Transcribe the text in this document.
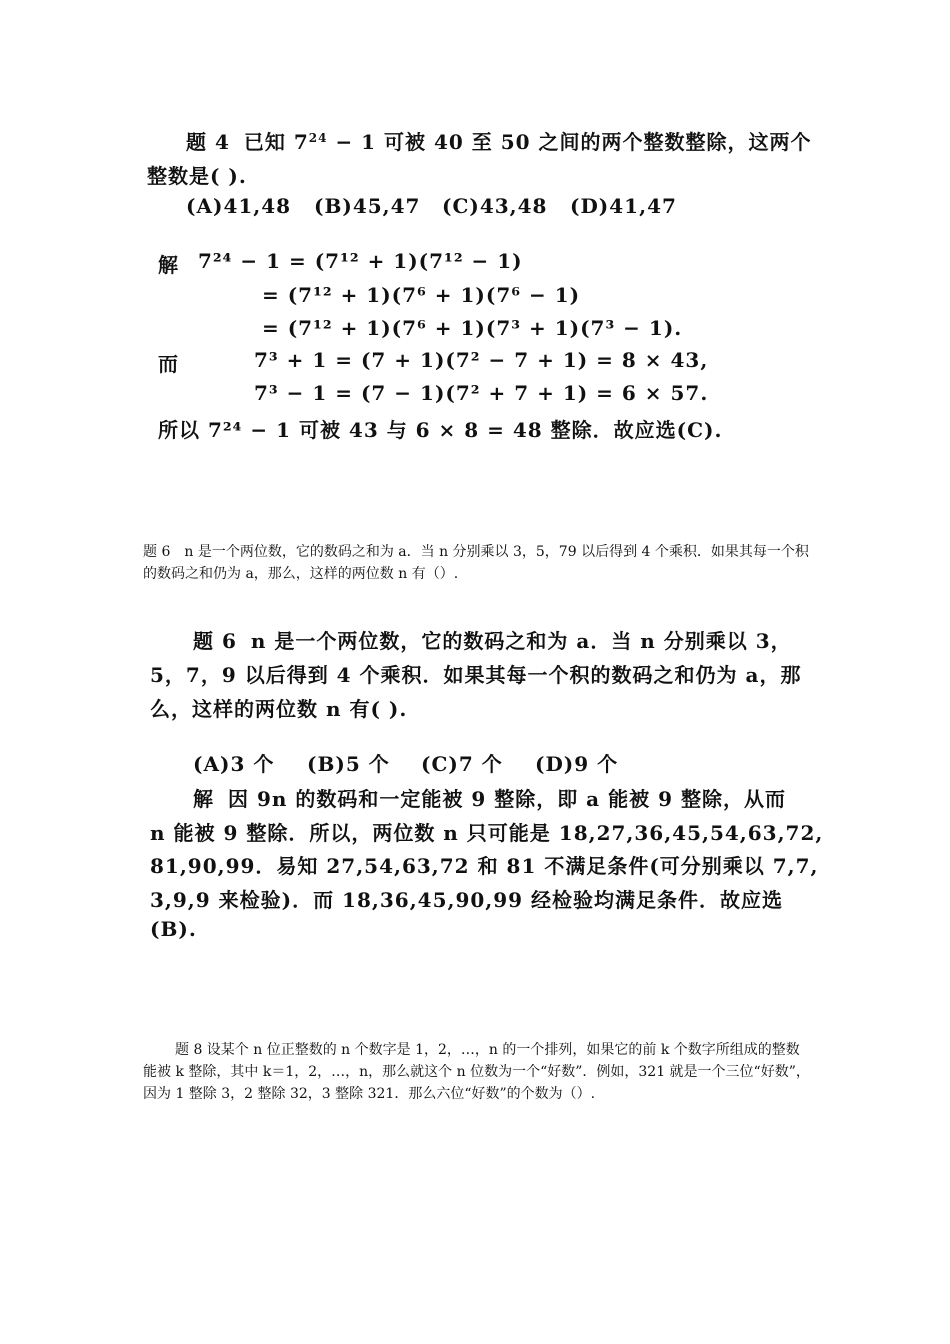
题 4 已知 $7^{24} - 1$ 可被 40 至 50 之间的两个整数整除，这两个
整数是( ).
(A)41,48 (B)45,47 (C)43,48 (D)41,47
解 7²⁴ − 1 = (7¹² + 1)(7¹² − 1)
= (7¹² + 1)(7⁶ + 1)(7⁶ − 1)
= (7¹² + 1)(7⁶ + 1)(7³ + 1)(7³ − 1).
而	7³ + 1 = (7 + 1)(7² − 7 + 1) = 8 × 43,
7³ − 1 = (7 − 1)(7² + 7 + 1) = 6 × 57.
所以 7²⁴ − 1 可被 43 与 6 × 8 = 48 整除．故应选(C).
题 6　n 是一个两位数，它的数码之和为 a．当 n 分别乘以 3，5，79 以后得到 4 个乘积．如果其每一个积的数码之和仍为 a，那么，这样的两位数 n 有（）.
题 6 n 是一个两位数，它的数码之和为 a．当 n 分别乘以 3，
5，7，9 以后得到 4 个乘积．如果其每一个积的数码之和仍为 a，那
么，这样的两位数 n 有( ).
(A)3 个 (B)5 个 (C)7 个 (D)9 个
解 因 9n 的数码和一定能被 9 整除，即 a 能被 9 整除，从而
n 能被 9 整除．所以，两位数 n 只可能是 18,27,36,45,54,63,72,
81,90,99．易知 27,54,63,72 和 81 不满足条件(可分别乘以 7,7,
3,9,9 来检验)．而 18,36,45,90,99 经检验均满足条件．故应选
(B).
题 8 设某个 n 位正整数的 n 个数字是 1，2，…，n 的一个排列，如果它的前 k 个数字所组成的整数能被 k 整除，其中 k＝1，2，…，n，那么就这个 n 位数为一个“好数”．例如，321 就是一个三位“好数”，因为 1 整除 3，2 整除 32，3 整除 321．那么六位“好数”的个数为（）.
